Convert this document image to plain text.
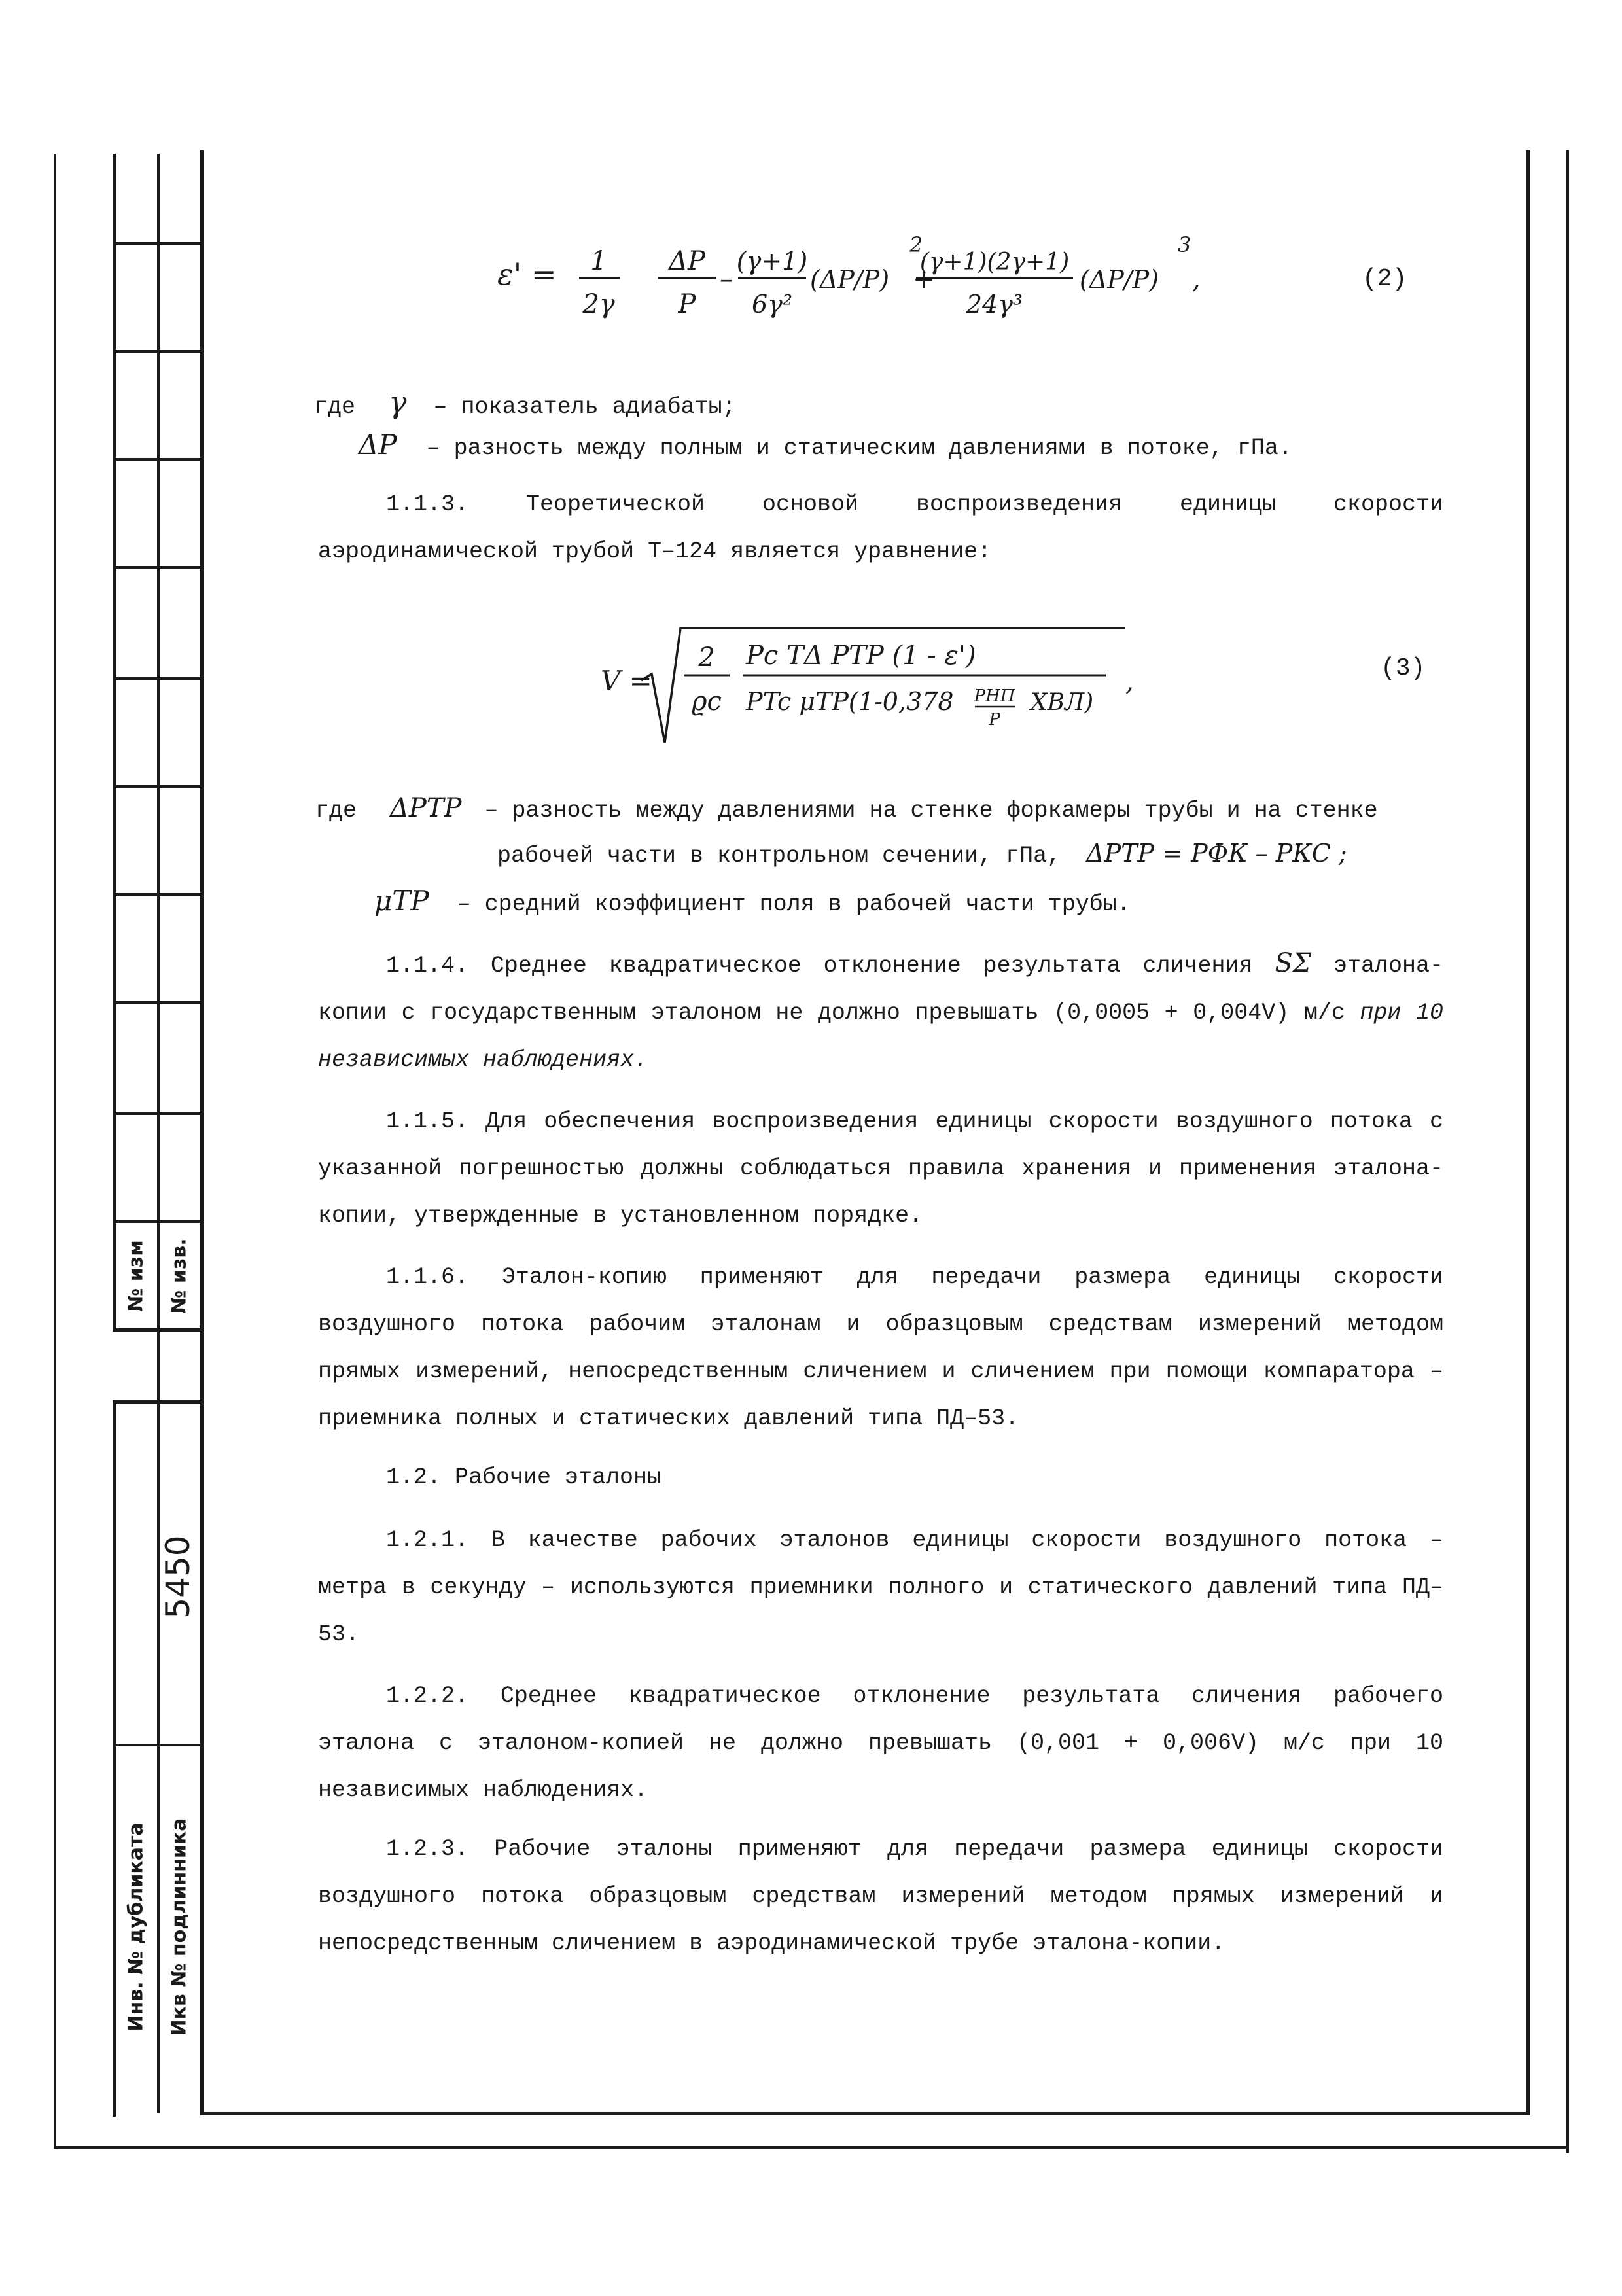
№ изм № изв.
5450
Инв. № дубликата Икв № подлинника
ε' = 1
2γ
ΔP
P
–
(γ+1)
6γ²
(ΔP/P)
2
+
(γ+1)(2γ+1)
24γ³
(ΔP/P)
3
,
V =
2
ϱc
Pc TΔ PТР (1 - ε')
PTc μТР(1-0,378 PНП
P
XВЛ)
,
(2)
(3)
где γ – показатель адиабаты;
ΔP – разность между полным и статическим давлениями в потоке, гПа.

1.1.3. Теоретической основой воспроизведения единицы скорости аэродинамической трубой Т–124 является уравнение:

где ΔPТР – разность между давлениями на стенке форкамеры трубы и на стенке
рабочей части в контрольном сечении, гПа, ΔPТР = PФК – PКС ;
μТР – средний коэффициент поля в рабочей части трубы.

1.1.4. Среднее квадратическое отклонение результата сличения SΣ эталона-копии с государственным эталоном не должно превышать (0,0005 + 0,004V) м/с при 10 независимых наблюдениях.

1.1.5. Для обеспечения воспроизведения единицы скорости воздушного потока с указанной погрешностью должны соблюдаться правила хранения и применения эталона-копии, утвержденные в установленном порядке.

1.1.6. Эталон-копию применяют для передачи размера единицы скорости воздушного потока рабочим эталонам и образцовым средствам измерений методом прямых измерений, непосредственным сличением и сличением при помощи компаратора – приемника полных и статических давлений типа ПД–53.

1.2. Рабочие эталоны

1.2.1. В качестве рабочих эталонов единицы скорости воздушного потока – метра в секунду – используются приемники полного и статического давлений типа ПД–53.

1.2.2. Среднее квадратическое отклонение результата сличения рабочего эталона с эталоном-копией не должно превышать (0,001 + 0,006V) м/с при 10 независимых наблюдениях.

1.2.3. Рабочие эталоны применяют для передачи размера единицы скорости воздушного потока образцовым средствам измерений методом прямых измерений и непосредственным сличением в аэродинамической трубе эталона-копии.
